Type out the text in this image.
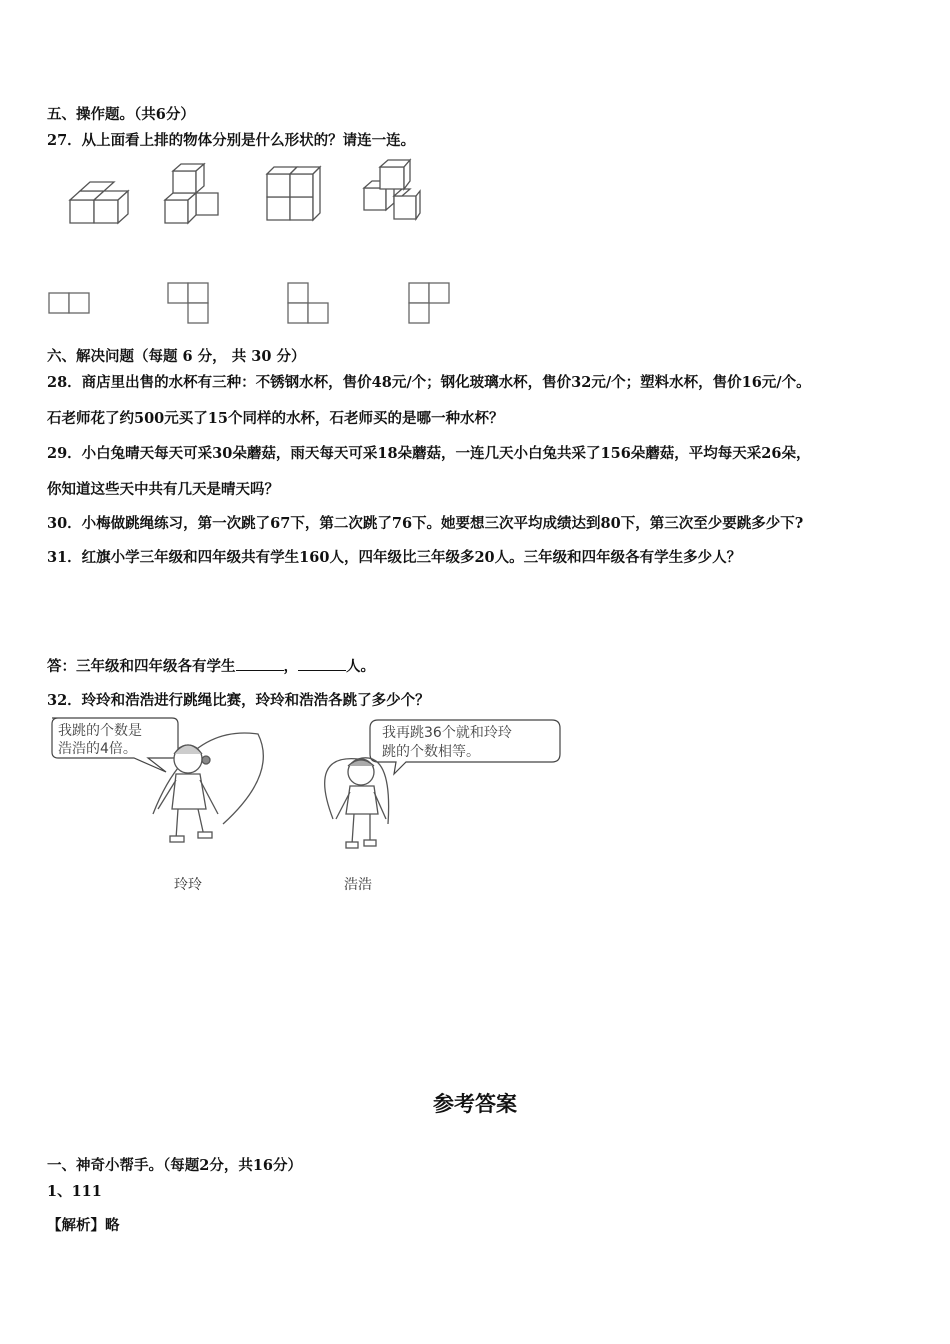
五、操作题。（共6分）
27．从上面看上排的物体分别是什么形状的？请连一连。
六、解决问题（每题 6 分， 共 30 分）
28．商店里出售的水杯有三种：不锈钢水杯，售价48元/个；钢化玻璃水杯，售价32元/个；塑料水杯，售价16元/个。
石老师花了约500元买了15个同样的水杯，石老师买的是哪一种水杯？
29．小白兔晴天每天可采30朵蘑菇，雨天每天可采18朵蘑菇，一连几天小白兔共采了156朵蘑菇，平均每天采26朵，
你知道这些天中共有几天是晴天吗？
30．小梅做跳绳练习，第一次跳了67下，第二次跳了76下。她要想三次平均成绩达到80下，第三次至少要跳多少下?
31．红旗小学三年级和四年级共有学生160人，四年级比三年级多20人。三年级和四年级各有学生多少人？
答：三年级和四年级各有学生	，	人。
32．玲玲和浩浩进行跳绳比赛，玲玲和浩浩各跳了多少个？
我跳的个数是
浩浩的4倍。
我再跳36个就和玲玲
跳的个数相等。
玲玲	浩浩
参考答案
一、神奇小帮手。（每题2分，共16分）
1、111
【解析】略
